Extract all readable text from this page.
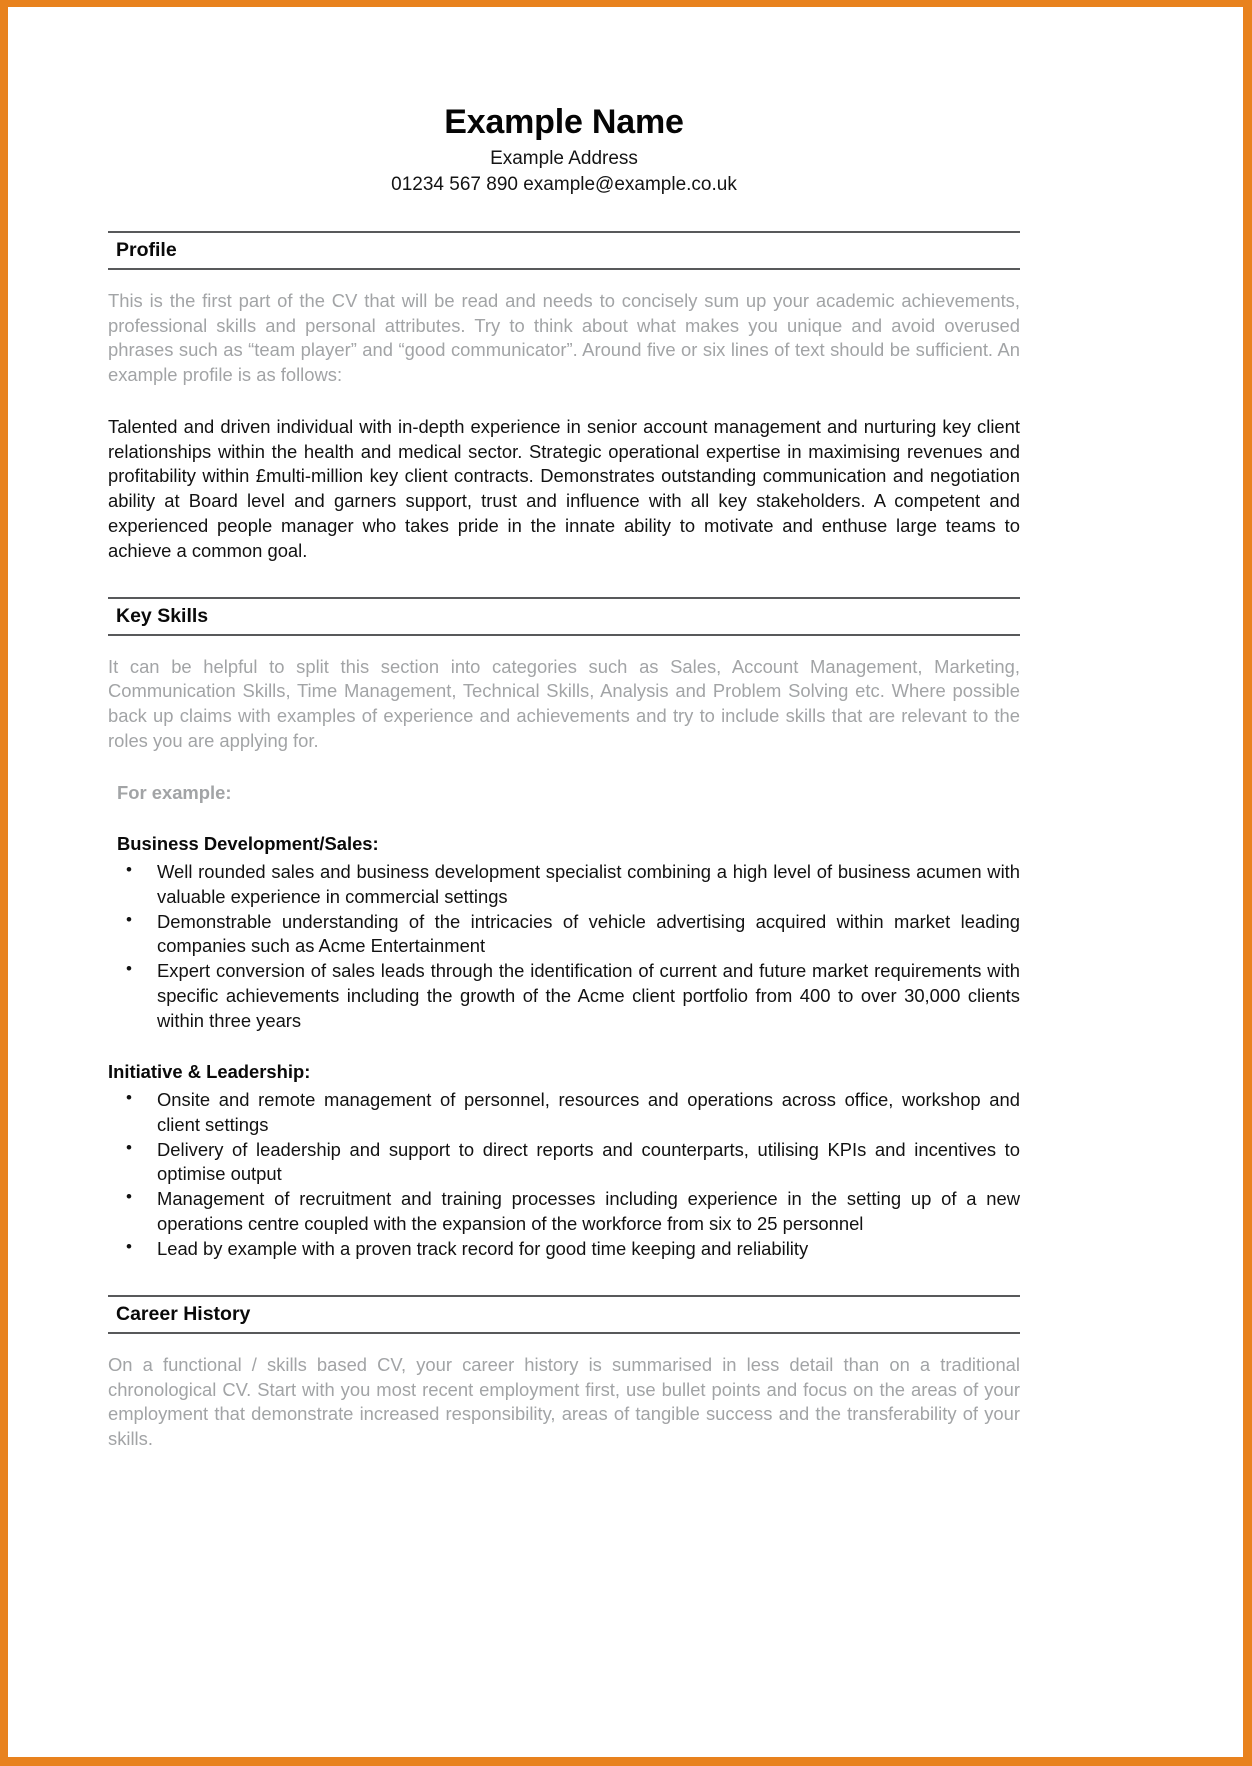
Example Name
Example Address
01234 567 890 example@example.co.uk
Profile

This is the first part of the CV that will be read and needs to concisely sum up your academic achievements, professional skills and personal attributes. Try to think about what makes you unique and avoid overused phrases such as “team player” and “good communicator”. Around five or six lines of text should be sufficient. An example profile is as follows:

Talented and driven individual with in-depth experience in senior account management and nurturing key client relationships within the health and medical sector. Strategic operational expertise in maximising revenues and profitability within £multi-million key client contracts. Demonstrates outstanding communication and negotiation ability at Board level and garners support, trust and influence with all key stakeholders. A competent and experienced people manager who takes pride in the innate ability to motivate and enthuse large teams to achieve a common goal.

Key Skills

It can be helpful to split this section into categories such as Sales, Account Management, Marketing, Communication Skills, Time Management, Technical Skills, Analysis and Problem Solving etc. Where possible back up claims with examples of experience and achievements and try to include skills that are relevant to the roles you are applying for.

For example:

Business Development/Sales:

• Well rounded sales and business development specialist combining a high level of business acumen with valuable experience in commercial settings
• Demonstrable understanding of the intricacies of vehicle advertising acquired within market leading companies such as Acme Entertainment
• Expert conversion of sales leads through the identification of current and future market requirements with specific achievements including the growth of the Acme client portfolio from 400 to over 30,000 clients within three years

Initiative & Leadership:

• Onsite and remote management of personnel, resources and operations across office, workshop and client settings
• Delivery of leadership and support to direct reports and counterparts, utilising KPIs and incentives to optimise output
• Management of recruitment and training processes including experience in the setting up of a new operations centre coupled with the expansion of the workforce from six to 25 personnel
• Lead by example with a proven track record for good time keeping and reliability
Career History

On a functional / skills based CV, your career history is summarised in less detail than on a traditional chronological CV. Start with you most recent employment first, use bullet points and focus on the areas of your employment that demonstrate increased responsibility, areas of tangible success and the transferability of your skills.
